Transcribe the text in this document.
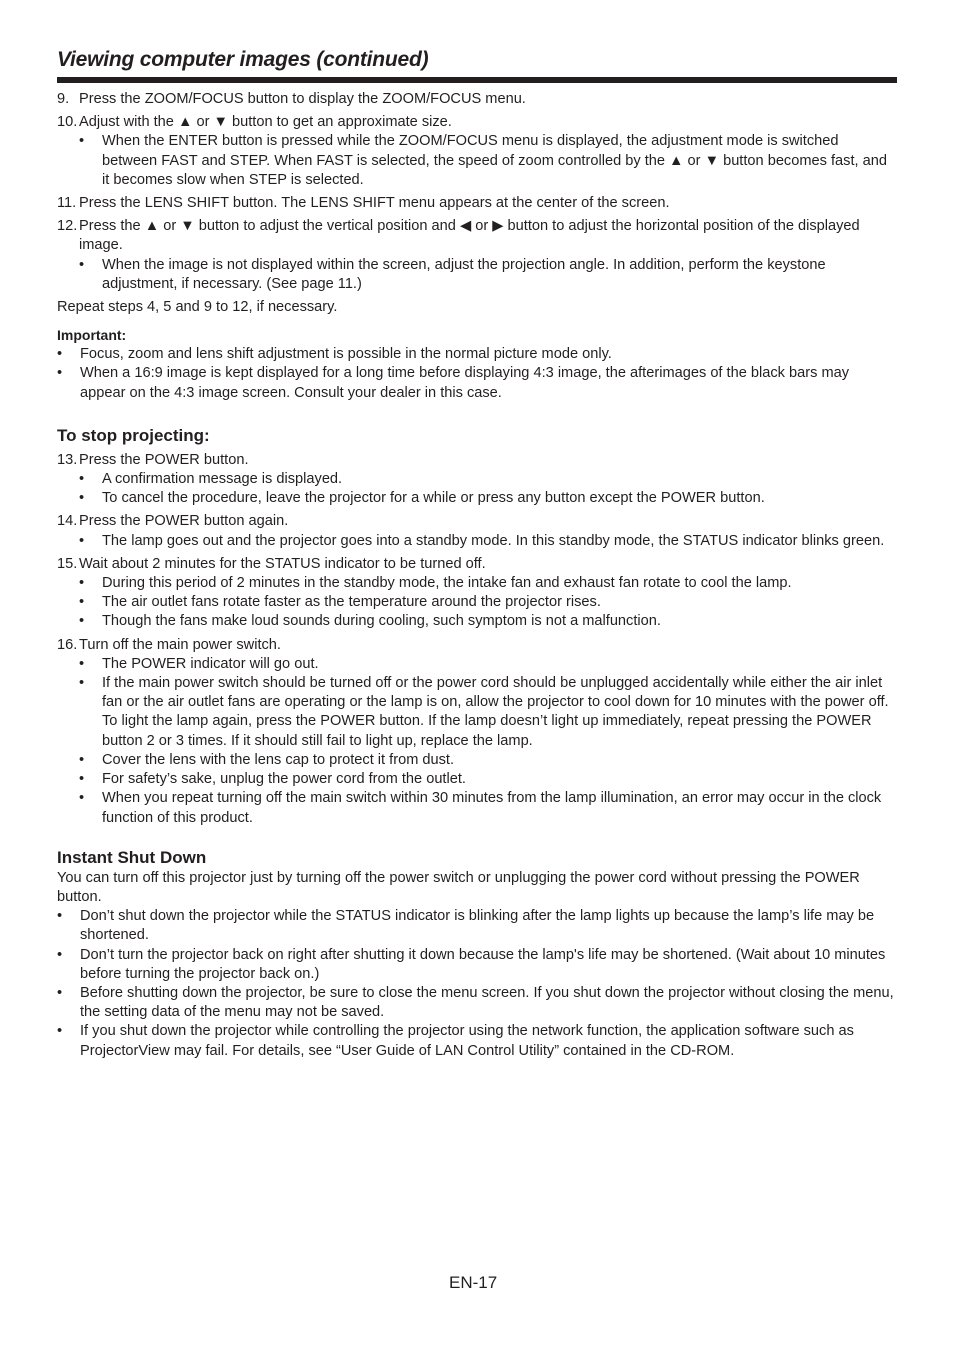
Viewing computer images (continued)
9. Press the ZOOM/FOCUS button to display the ZOOM/FOCUS menu.
10. Adjust with the ▲ or ▼ button to get an approximate size.
• When the ENTER button is pressed while the ZOOM/FOCUS menu is displayed, the adjustment mode is switched between FAST and STEP. When FAST is selected, the speed of zoom controlled by the ▲ or ▼ button becomes fast, and it becomes slow when STEP is selected.
11. Press the LENS SHIFT button. The LENS SHIFT menu appears at the center of the screen.
12. Press the ▲ or ▼ button to adjust the vertical position and ◀ or ▶ button to adjust the horizontal position of the displayed image.
• When the image is not displayed within the screen, adjust the projection angle. In addition, perform the keystone adjustment, if necessary. (See page 11.)
Repeat steps 4, 5 and 9 to 12, if necessary.
Important:
• Focus, zoom and lens shift adjustment is possible in the normal picture mode only.
• When a 16:9 image is kept displayed for a long time before displaying 4:3 image, the afterimages of the black bars may appear on the 4:3 image screen. Consult your dealer in this case.
To stop projecting:
13. Press the POWER button.
• A confirmation message is displayed.
• To cancel the procedure, leave the projector for a while or press any button except the POWER button.
14. Press the POWER button again.
• The lamp goes out and the projector goes into a standby mode. In this standby mode, the STATUS indicator blinks green.
15. Wait about 2 minutes for the STATUS indicator to be turned off.
• During this period of 2 minutes in the standby mode, the intake fan and exhaust fan rotate to cool the lamp.
• The air outlet fans rotate faster as the temperature around the projector rises.
• Though the fans make loud sounds during cooling, such symptom is not a malfunction.
16. Turn off the main power switch.
• The POWER indicator will go out.
• If the main power switch should be turned off or the power cord should be unplugged accidentally while either the air inlet fan or the air outlet fans are operating or the lamp is on, allow the projector to cool down for 10 minutes with the power off. To light the lamp again, press the POWER button. If the lamp doesn’t light up immediately, repeat pressing the POWER button 2 or 3 times. If it should still fail to light up, replace the lamp.
• Cover the lens with the lens cap to protect it from dust.
• For safety’s sake, unplug the power cord from the outlet.
• When you repeat turning off the main switch within 30 minutes from the lamp illumination, an error may occur in the clock function of this product.
Instant Shut Down
You can turn off this projector just by turning off the power switch or unplugging the power cord without pressing the POWER button.
• Don’t shut down the projector while the STATUS indicator is blinking after the lamp lights up because the lamp’s life may be shortened.
• Don’t turn the projector back on right after shutting it down because the lamp's life may be shortened. (Wait about 10 minutes before turning the projector back on.)
• Before shutting down the projector, be sure to close the menu screen. If you shut down the projector without closing the menu, the setting data of the menu may not be saved.
• If you shut down the projector while controlling the projector using the network function, the application software such as ProjectorView may fail. For details, see “User Guide of LAN Control Utility” contained in the CD-ROM.
EN-17
